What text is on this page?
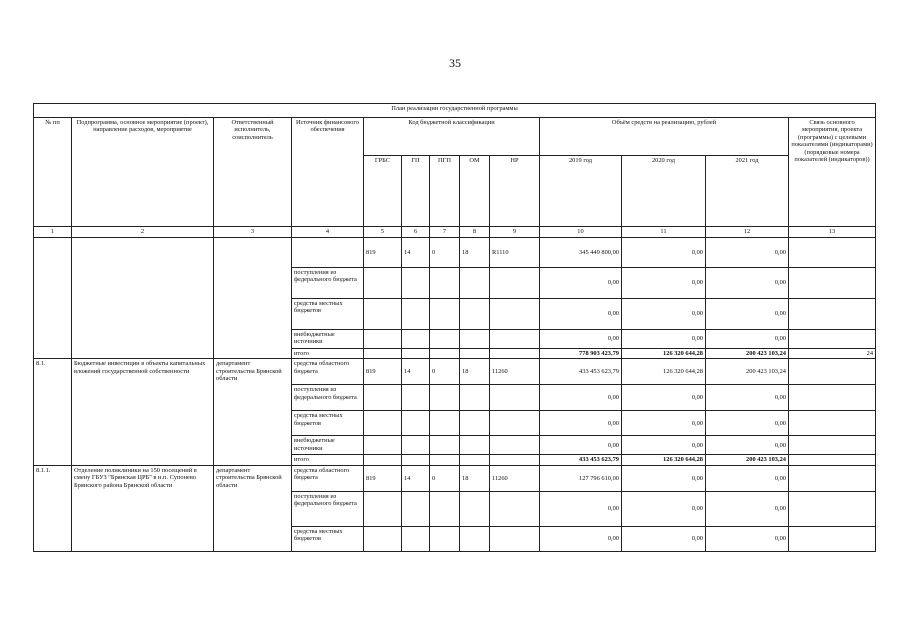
35
План реализации государственной программы												
№ пп	Подпрограмма, основное мероприятие (проект), направление расходов, мероприятие	Ответственный исполнитель, соисполнитель	Источник финансового обеспечения	Код бюджетной классификации					Объём средств на реализацию, рублей			Связь основного мероприятия, проекта (программы) с целевыми показателями (индикаторами) (порядковые номера показателей (индикаторов))
				ГРБС	ГП	ПГП	ОМ	НР	2019 год	2020 год	2021 год	
1	2	3	4	5	6	7	8	9	10	11	12	13
				819	14	0	18	R1110	345 449 800,00	0,00	0,00	
			поступления из федерального бюджета						0,00	0,00	0,00	
			средства местных бюджетов						0,00	0,00	0,00	
			внебюджетные источники						0,00	0,00	0,00	
			итого						778 903 423,79	126 320 644,28	200 423 103,24	24
8.1.	Бюджетные инвестиции в объекты капитальных вложений государственной собственности	департамент строительства Брянской области	средства областного бюджета	819	14	0	18	11260	433 453 623,79	126 320 644,28	200 423 103,24	
			поступления из федерального бюджета						0,00	0,00	0,00	
			средства местных бюджетов						0,00	0,00	0,00	
			внебюджетные источники						0,00	0,00	0,00	
			итого						433 453 623,79	126 320 644,28	200 423 103,24	
8.1.1.	Отделение поликлиники на 150 посещений в смену ГБУЗ "Брянская ЦРБ" в н.п. Супонево Брянского района Брянской области	департамент строительства Брянской области	средства областного бюджета	819	14	0	18	11260	127 796 610,00	0,00	0,00	
			поступления из федерального бюджета						0,00	0,00	0,00	
			средства местных бюджетов						0,00	0,00	0,00	
